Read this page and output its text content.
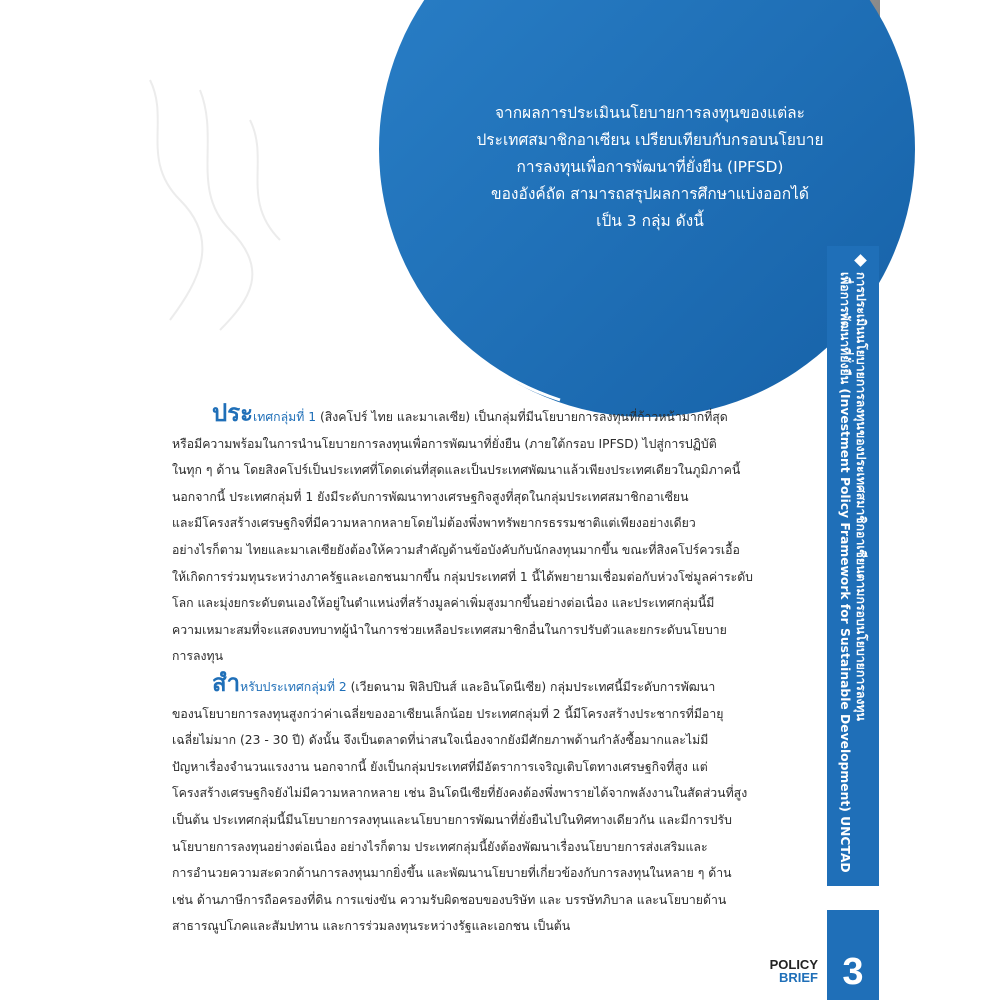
จากผลการประเมินนโยบายการลงทุนของแต่ละ
ประเทศสมาชิกอาเซียน เปรียบเทียบกับกรอบนโยบาย
การลงทุนเพื่อการพัฒนาที่ยั่งยืน (IPFSD)
ของอังค์ถัด สามารถสรุปผลการศึกษาแบ่งออกได้
เป็น 3 กลุ่ม ดังนี้
การประเมินนโยบายการลงทุนของประเทศสมาชิกอาเซียนตามกรอบนโยบายการลงทุน
เพื่อการพัฒนาที่ยั่งยืน (Investment Policy Framework for Sustainable Development) UNCTAD
ประเทศกลุ่มที่ 1 (สิงคโปร์ ไทย และมาเลเซีย) เป็นกลุ่มที่มีนโยบายการลงทุนที่ก้าวหน้ามากที่สุด
หรือมีความพร้อมในการนำนโยบายการลงทุนเพื่อการพัฒนาที่ยั่งยืน (ภายใต้กรอบ IPFSD) ไปสู่การปฏิบัติ
ในทุก ๆ ด้าน โดยสิงคโปร์เป็นประเทศที่โดดเด่นที่สุดและเป็นประเทศพัฒนาแล้วเพียงประเทศเดียวในภูมิภาคนี้
นอกจากนี้ ประเทศกลุ่มที่ 1 ยังมีระดับการพัฒนาทางเศรษฐกิจสูงที่สุดในกลุ่มประเทศสมาชิกอาเซียน
และมีโครงสร้างเศรษฐกิจที่มีความหลากหลายโดยไม่ต้องพึ่งพาทรัพยากรธรรมชาติแต่เพียงอย่างเดียว
อย่างไรก็ตาม ไทยและมาเลเซียยังต้องให้ความสำคัญด้านข้อบังคับกับนักลงทุนมากขึ้น ขณะที่สิงคโปร์ควรเอื้อ
ให้เกิดการร่วมทุนระหว่างภาครัฐและเอกชนมากขึ้น กลุ่มประเทศที่ 1 นี้ได้พยายามเชื่อมต่อกับห่วงโซ่มูลค่าระดับ
โลก และมุ่งยกระดับตนเองให้อยู่ในตำแหน่งที่สร้างมูลค่าเพิ่มสูงมากขึ้นอย่างต่อเนื่อง และประเทศกลุ่มนี้มี
ความเหมาะสมที่จะแสดงบทบาทผู้นำในการช่วยเหลือประเทศสมาชิกอื่นในการปรับตัวและยกระดับนโยบาย
การลงทุน
สำหรับประเทศกลุ่มที่ 2 (เวียดนาม ฟิลิปปินส์ และอินโดนีเซีย) กลุ่มประเทศนี้มีระดับการพัฒนา
ของนโยบายการลงทุนสูงกว่าค่าเฉลี่ยของอาเซียนเล็กน้อย ประเทศกลุ่มที่ 2 นี้มีโครงสร้างประชากรที่มีอายุ
เฉลี่ยไม่มาก (23 - 30 ปี) ดังนั้น จึงเป็นตลาดที่น่าสนใจเนื่องจากยังมีศักยภาพด้านกำลังซื้อมากและไม่มี
ปัญหาเรื่องจำนวนแรงงาน นอกจากนี้ ยังเป็นกลุ่มประเทศที่มีอัตราการเจริญเติบโตทางเศรษฐกิจที่สูง แต่
โครงสร้างเศรษฐกิจยังไม่มีความหลากหลาย เช่น อินโดนีเซียที่ยังคงต้องพึ่งพารายได้จากพลังงานในสัดส่วนที่สูง
เป็นต้น ประเทศกลุ่มนี้มีนโยบายการลงทุนและนโยบายการพัฒนาที่ยั่งยืนไปในทิศทางเดียวกัน และมีการปรับ
นโยบายการลงทุนอย่างต่อเนื่อง อย่างไรก็ตาม ประเทศกลุ่มนี้ยังต้องพัฒนาเรื่องนโยบายการส่งเสริมและ
การอำนวยความสะดวกด้านการลงทุนมากยิ่งขึ้น และพัฒนานโยบายที่เกี่ยวข้องกับการลงทุนในหลาย ๆ ด้าน
เช่น ด้านภาษีการถือครองที่ดิน การแข่งขัน ความรับผิดชอบของบริษัท และ บรรษัทภิบาล และนโยบายด้าน
สาธารณูปโภคและสัมปทาน และการร่วมลงทุนระหว่างรัฐและเอกชน เป็นต้น
POLICY
BRIEF 3
